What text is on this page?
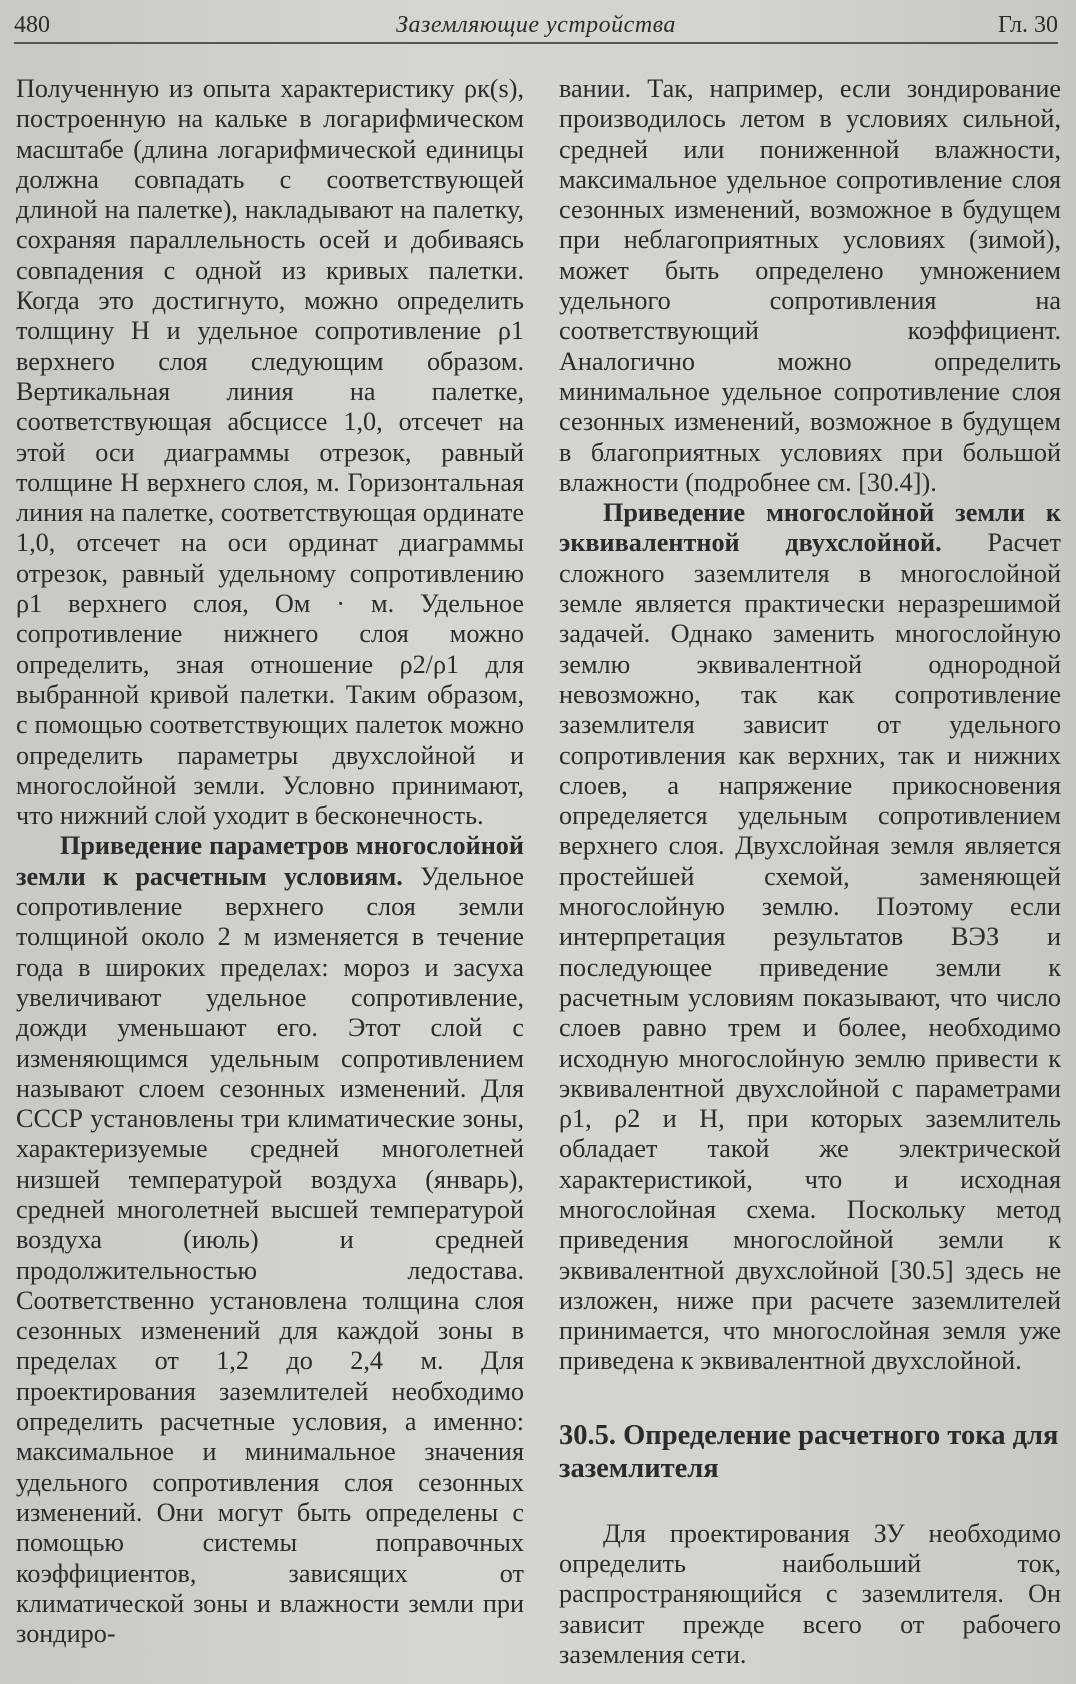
480	Заземляющие устройства	Гл. 30

Полученную из опыта характеристику ρк(s), построенную на кальке в логарифмическом масштабе (длина логарифмической единицы должна совпадать с соответствующей длиной на палетке), накладывают на палетку, сохраняя параллельность осей и добиваясь совпадения с одной из кривых палетки. Когда это достигнуто, можно определить толщину H и удельное сопротивление ρ1 верхнего слоя следующим образом. Вертикальная линия на палетке, соответствующая абсциссе 1,0, отсечет на этой оси диаграммы отрезок, равный толщине H верхнего слоя, м. Горизонтальная линия на палетке, соответствующая ординате 1,0, отсечет на оси ординат диаграммы отрезок, равный удельному сопротивлению ρ1 верхнего слоя, Ом · м. Удельное сопротивление нижнего слоя можно определить, зная отношение ρ2/ρ1 для выбранной кривой палетки. Таким образом, с помощью соответствующих палеток можно определить параметры двухслойной и многослойной земли. Условно принимают, что нижний слой уходит в бесконечность.

Приведение параметров многослойной земли к расчетным условиям. Удельное сопротивление верхнего слоя земли толщиной около 2 м изменяется в течение года в широких пределах: мороз и засуха увеличивают удельное сопротивление, дожди уменьшают его. Этот слой с изменяющимся удельным сопротивлением называют слоем сезонных изменений. Для СССР установлены три климатические зоны, характеризуемые средней многолетней низшей температурой воздуха (январь), средней многолетней высшей температурой воздуха (июль) и средней продолжительностью ледостава. Соответственно установлена толщина слоя сезонных изменений для каждой зоны в пределах от 1,2 до 2,4 м. Для проектирования заземлителей необходимо определить расчетные условия, а именно: максимальное и минимальное значения удельного сопротивления слоя сезонных изменений. Они могут быть определены с помощью системы поправочных коэффициентов, зависящих от климатической зоны и влажности земли при зондиро-

вании. Так, например, если зондирование производилось летом в условиях сильной, средней или пониженной влажности, максимальное удельное сопротивление слоя сезонных изменений, возможное в будущем при неблагоприятных условиях (зимой), может быть определено умножением удельного сопротивления на соответствующий коэффициент. Аналогично можно определить минимальное удельное сопротивление слоя сезонных изменений, возможное в будущем в благоприятных условиях при большой влажности (подробнее см. [30.4]).

Приведение многослойной земли к эквивалентной двухслойной. Расчет сложного заземлителя в многослойной земле является практически неразрешимой задачей. Однако заменить многослойную землю эквивалентной однородной невозможно, так как сопротивление заземлителя зависит от удельного сопротивления как верхних, так и нижних слоев, а напряжение прикосновения определяется удельным сопротивлением верхнего слоя. Двухслойная земля является простейшей схемой, заменяющей многослойную землю. Поэтому если интерпретация результатов ВЭЗ и последующее приведение земли к расчетным условиям показывают, что число слоев равно трем и более, необходимо исходную многослойную землю привести к эквивалентной двухслойной с параметрами ρ1, ρ2 и H, при которых заземлитель обладает такой же электрической характеристикой, что и исходная многослойная схема. Поскольку метод приведения многослойной земли к эквивалентной двухслойной [30.5] здесь не изложен, ниже при расчете заземлителей принимается, что многослойная земля уже приведена к эквивалентной двухслойной.

30.5. Определение расчетного тока для заземлителя

Для проектирования ЗУ необходимо определить наибольший ток, распространяющийся с заземлителя. Он зависит прежде всего от рабочего заземления сети.
